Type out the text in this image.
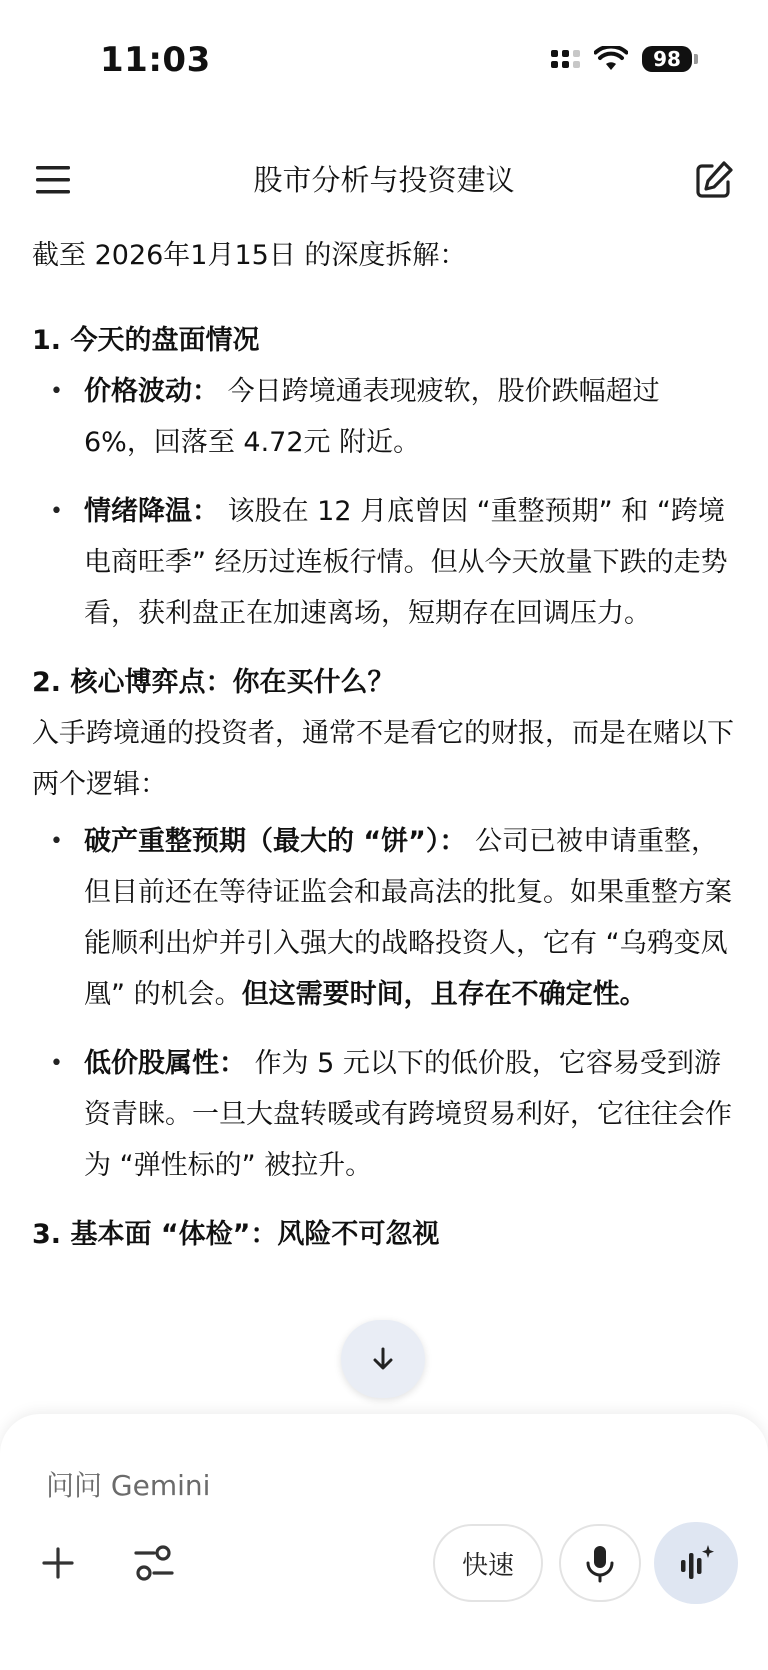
11:03	98
股市分析与投资建议

截至 2026年1月15日 的深度拆解：

1. 今天的盘面情况

• 价格波动： 今日跨境通表现疲软，股价跌幅超过 6%，回落至 4.72元 附近。
• 情绪降温： 该股在 12 月底曾因 “重整预期” 和 “跨境电商旺季” 经历过连板行情。但从今天放量下跌的走势看，获利盘正在加速离场，短期存在回调压力。

2. 核心博弈点：你在买什么？

入手跨境通的投资者，通常不是看它的财报，而是在赌以下两个逻辑：

• 破产重整预期（最大的 “饼”）： 公司已被申请重整，但目前还在等待证监会和最高法的批复。如果重整方案能顺利出炉并引入强大的战略投资人，它有 “乌鸦变凤凰” 的机会。但这需要时间，且存在不确定性。
• 低价股属性： 作为 5 元以下的低价股，它容易受到游资青睐。一旦大盘转暖或有跨境贸易利好，它往往会作为 “弹性标的” 被拉升。

3. 基本面 “体检”：风险不可忽视

问问 Gemini
快速
